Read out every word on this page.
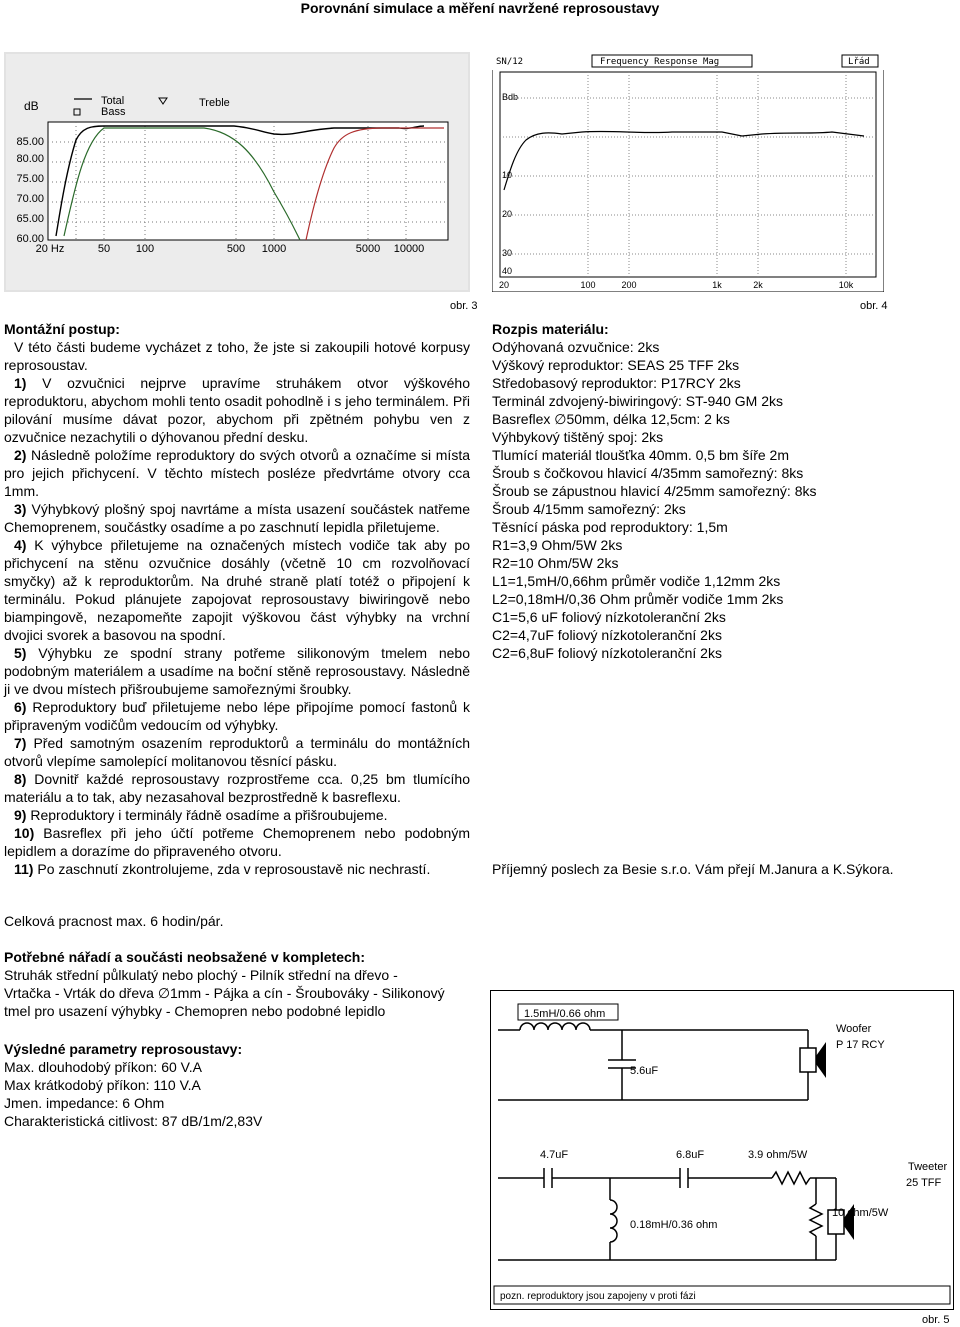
Porovnání simulace a měření navržené reprosoustavy
dB	Total
Bass
Treble
85.00
80.00
75.00
70.00
65.00
60.00
20 Hz	50 100	500 1000	5000 10000
obr. 3
SN/12	Frequency Response Mag	Lřád
Bdb
10
20
30
40
20	100	200	1k	2k	10k
obr. 4
Montážní postup:
V této části budeme vycházet z toho, že jste si zakoupili hotové korpusy reprosoustav.
1) V ozvučnici nejprve upravíme struhákem otvor výškového reproduktoru, abychom mohli tento osadit pohodlně i s jeho terminálem. Při pilování musíme dávat pozor, abychom při zpětném pohybu ven z ozvučnice nezachytili o dýhovanou přední desku.
2) Následně položíme reproduktory do svých otvorů a označíme si místa pro jejich přichycení. V těchto místech posléze předvrtáme otvory cca 1mm.
3) Výhybkový plošný spoj navrtáme a místa usazení součástek natřeme Chemoprenem, součástky osadíme a po zaschnutí lepidla přiletujeme.
4) K výhybce přiletujeme na označených místech vodiče tak aby po přichycení na stěnu ozvučnice dosáhly (včetně 10 cm rozvolňovací smyčky) až k reproduktorům. Na druhé straně platí totéž o připojení k terminálu. Pokud plánujete zapojovat reprosoustavy biwiringově nebo biampingově, nezapomeňte zapojit výškovou část výhybky na vrchní dvojici svorek a basovou na spodní.
5) Výhybku ze spodní strany potřeme silikonovým tmelem nebo podobným materiálem a usadíme na boční stěně reprosoustavy. Následně ji ve dvou místech přišroubujeme samořeznými šroubky.
6) Reproduktory buď přiletujeme nebo lépe připojíme pomocí fastonů k připraveným vodičům vedoucím od výhybky.
7) Před samotným osazením reproduktorů a terminálu do montážních otvorů vlepíme samolepící molitanovou těsnící pásku.
8) Dovnitř každé reprosoustavy rozprostřeme cca. 0,25 bm tlumícího materiálu a to tak, aby nezasahoval bezprostředně k basreflexu.
9) Reproduktory i terminály řádně osadíme a přišroubujeme.
10) Basreflex při jeho účtí potřeme Chemoprenem nebo podobným lepidlem a dorazíme do připraveného otvoru.
11) Po zaschnutí zkontrolujeme, zda v reprosoustavě nic nechrastí.
Celková pracnost max. 6 hodin/pár.
Potřebné nářadí a součásti neobsažené v kompletech:
Struhák střední půlkulatý nebo plochý - Pilník střední na dřevo -
Vrtačka - Vrták do dřeva ∅1mm - Pájka a cín - Šroubováky - Silikonový
tmel pro usazení výhybky - Chemopren nebo podobné lepidlo
Výsledné parametry reprosoustavy:
Max. dlouhodobý příkon: 60 V.A
Max krátkodobý příkon: 110 V.A
Jmen. impedance: 6 Ohm
Charakteristická citlivost: 87 dB/1m/2,83V
Rozpis materiálu:
Odýhovaná ozvučnice: 2ks
Výškový reproduktor: SEAS 25 TFF 2ks
Středobasový reproduktor: P17RCY 2ks
Terminál zdvojený-biwiringový: ST-940 GM 2ks
Basreflex ∅50mm, délka 12,5cm: 2 ks
Výhbykový tištěný spoj: 2ks
Tlumící materiál tloušťka 40mm. 0,5 bm šíře 2m
Šroub s čočkovou hlavicí 4/35mm samořezný: 8ks
Šroub se zápustnou hlavicí 4/25mm samořezný: 8ks
Šroub 4/15mm samořezný: 2ks
Těsnící páska pod reproduktory: 1,5m
R1=3,9 Ohm/5W 2ks
R2=10 Ohm/5W 2ks
L1=1,5mH/0,66hm průměr vodiče 1,12mm 2ks
L2=0,18mH/0,36 Ohm průměr vodiče 1mm 2ks
C1=5,6 uF foliový nízkotoleranční 2ks
C2=4,7uF foliový nízkotoleranční 2ks
C2=6,8uF foliový nízkotoleranční 2ks
Příjemný poslech za Besie s.r.o. Vám přejí M.Janura a K.Sýkora.
1.5mH/0.66 ohm
Woofer
P 17 RCY
5.6uF
4.7uF	6.8uF	3.9 ohm/5W
Tweeter
25 TFF
0.18mH/0.36 ohm
10 ohm/5W
pozn. reproduktory jsou zapojeny v proti fázi
obr. 5
